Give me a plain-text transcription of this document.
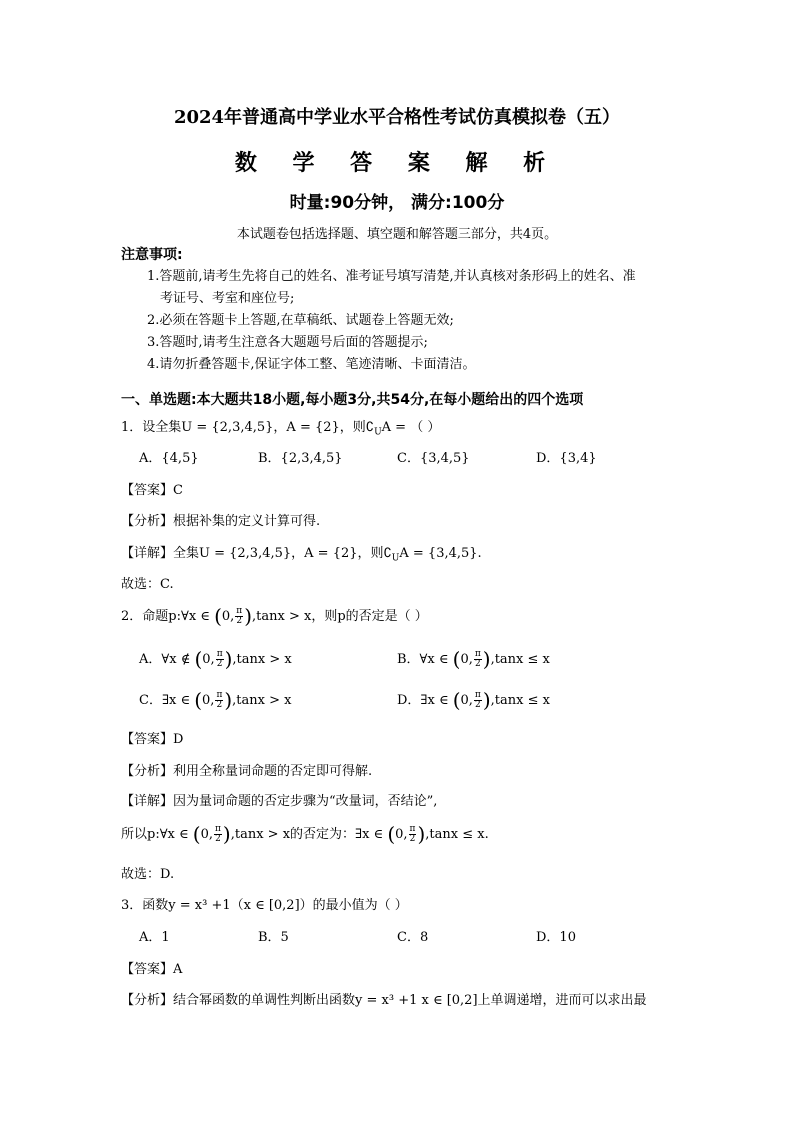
2024年普通高中学业水平合格性考试仿真模拟卷（五）
数 学 答 案 解 析
时量:90分钟， 满分:100分
本试题卷包括选择题、填空题和解答题三部分，共4页。
注意事项:
1.答题前,请考生先将自己的姓名、准考证号填写清楚,并认真核对条形码上的姓名、准
考证号、考室和座位号;
2.必须在答题卡上答题,在草稿纸、试题卷上答题无效;
3.答题时,请考生注意各大题题号后面的答题提示;
4.请勿折叠答题卡,保证字体工整、笔迹清晰、卡面清洁。
一、单选题:本大题共18小题,每小题3分,共54分,在每小题给出的四个选项
1．设全集U = {2,3,4,5}，A = {2}，则$∁_UA$ = （ ）
A．{4,5}	B．{2,3,4,5}	C．{3,4,5}	D．{3,4}
【答案】C
【分析】根据补集的定义计算可得.
【详解】全集U = {2,3,4,5}，A = {2}，则$∁_UA = \{3,4,5\}$.
故选：C.
2．命题p:∀x ∈ (0, $\frac{\pi}{2} ),\tan x > x$，则p的否定是（ ）
A．∀x ∉ (0, $\frac{\pi}{2} ),\tan x > x$	B．∀x ∈ (0, $\frac{\pi}{2} ),\tan x \le x$
C．∃x ∈ (0, $\frac{\pi}{2} ),\tan x > x$	D．∃x ∈ (0, $\frac{\pi}{2} ),\tan x \le x$
【答案】D
【分析】利用全称量词命题的否定即可得解.
【详解】因为量词命题的否定步骤为“改量词，否结论”,
所以p:∀x ∈ (0, $\frac{\pi}{2} ),\tan x > x$的否定为：∃x ∈ (0, $\frac{\pi}{2} ),\tan x \le x$.
故选：D.
3．函数y = x³ +1（x ∈ [0,2]）的最小值为（ ）
A．1	B．5	C．8	D．10
【答案】A
【分析】结合幂函数的单调性判断出函数y = x³ +1 x ∈ [0,2]上单调递增，进而可以求出最
